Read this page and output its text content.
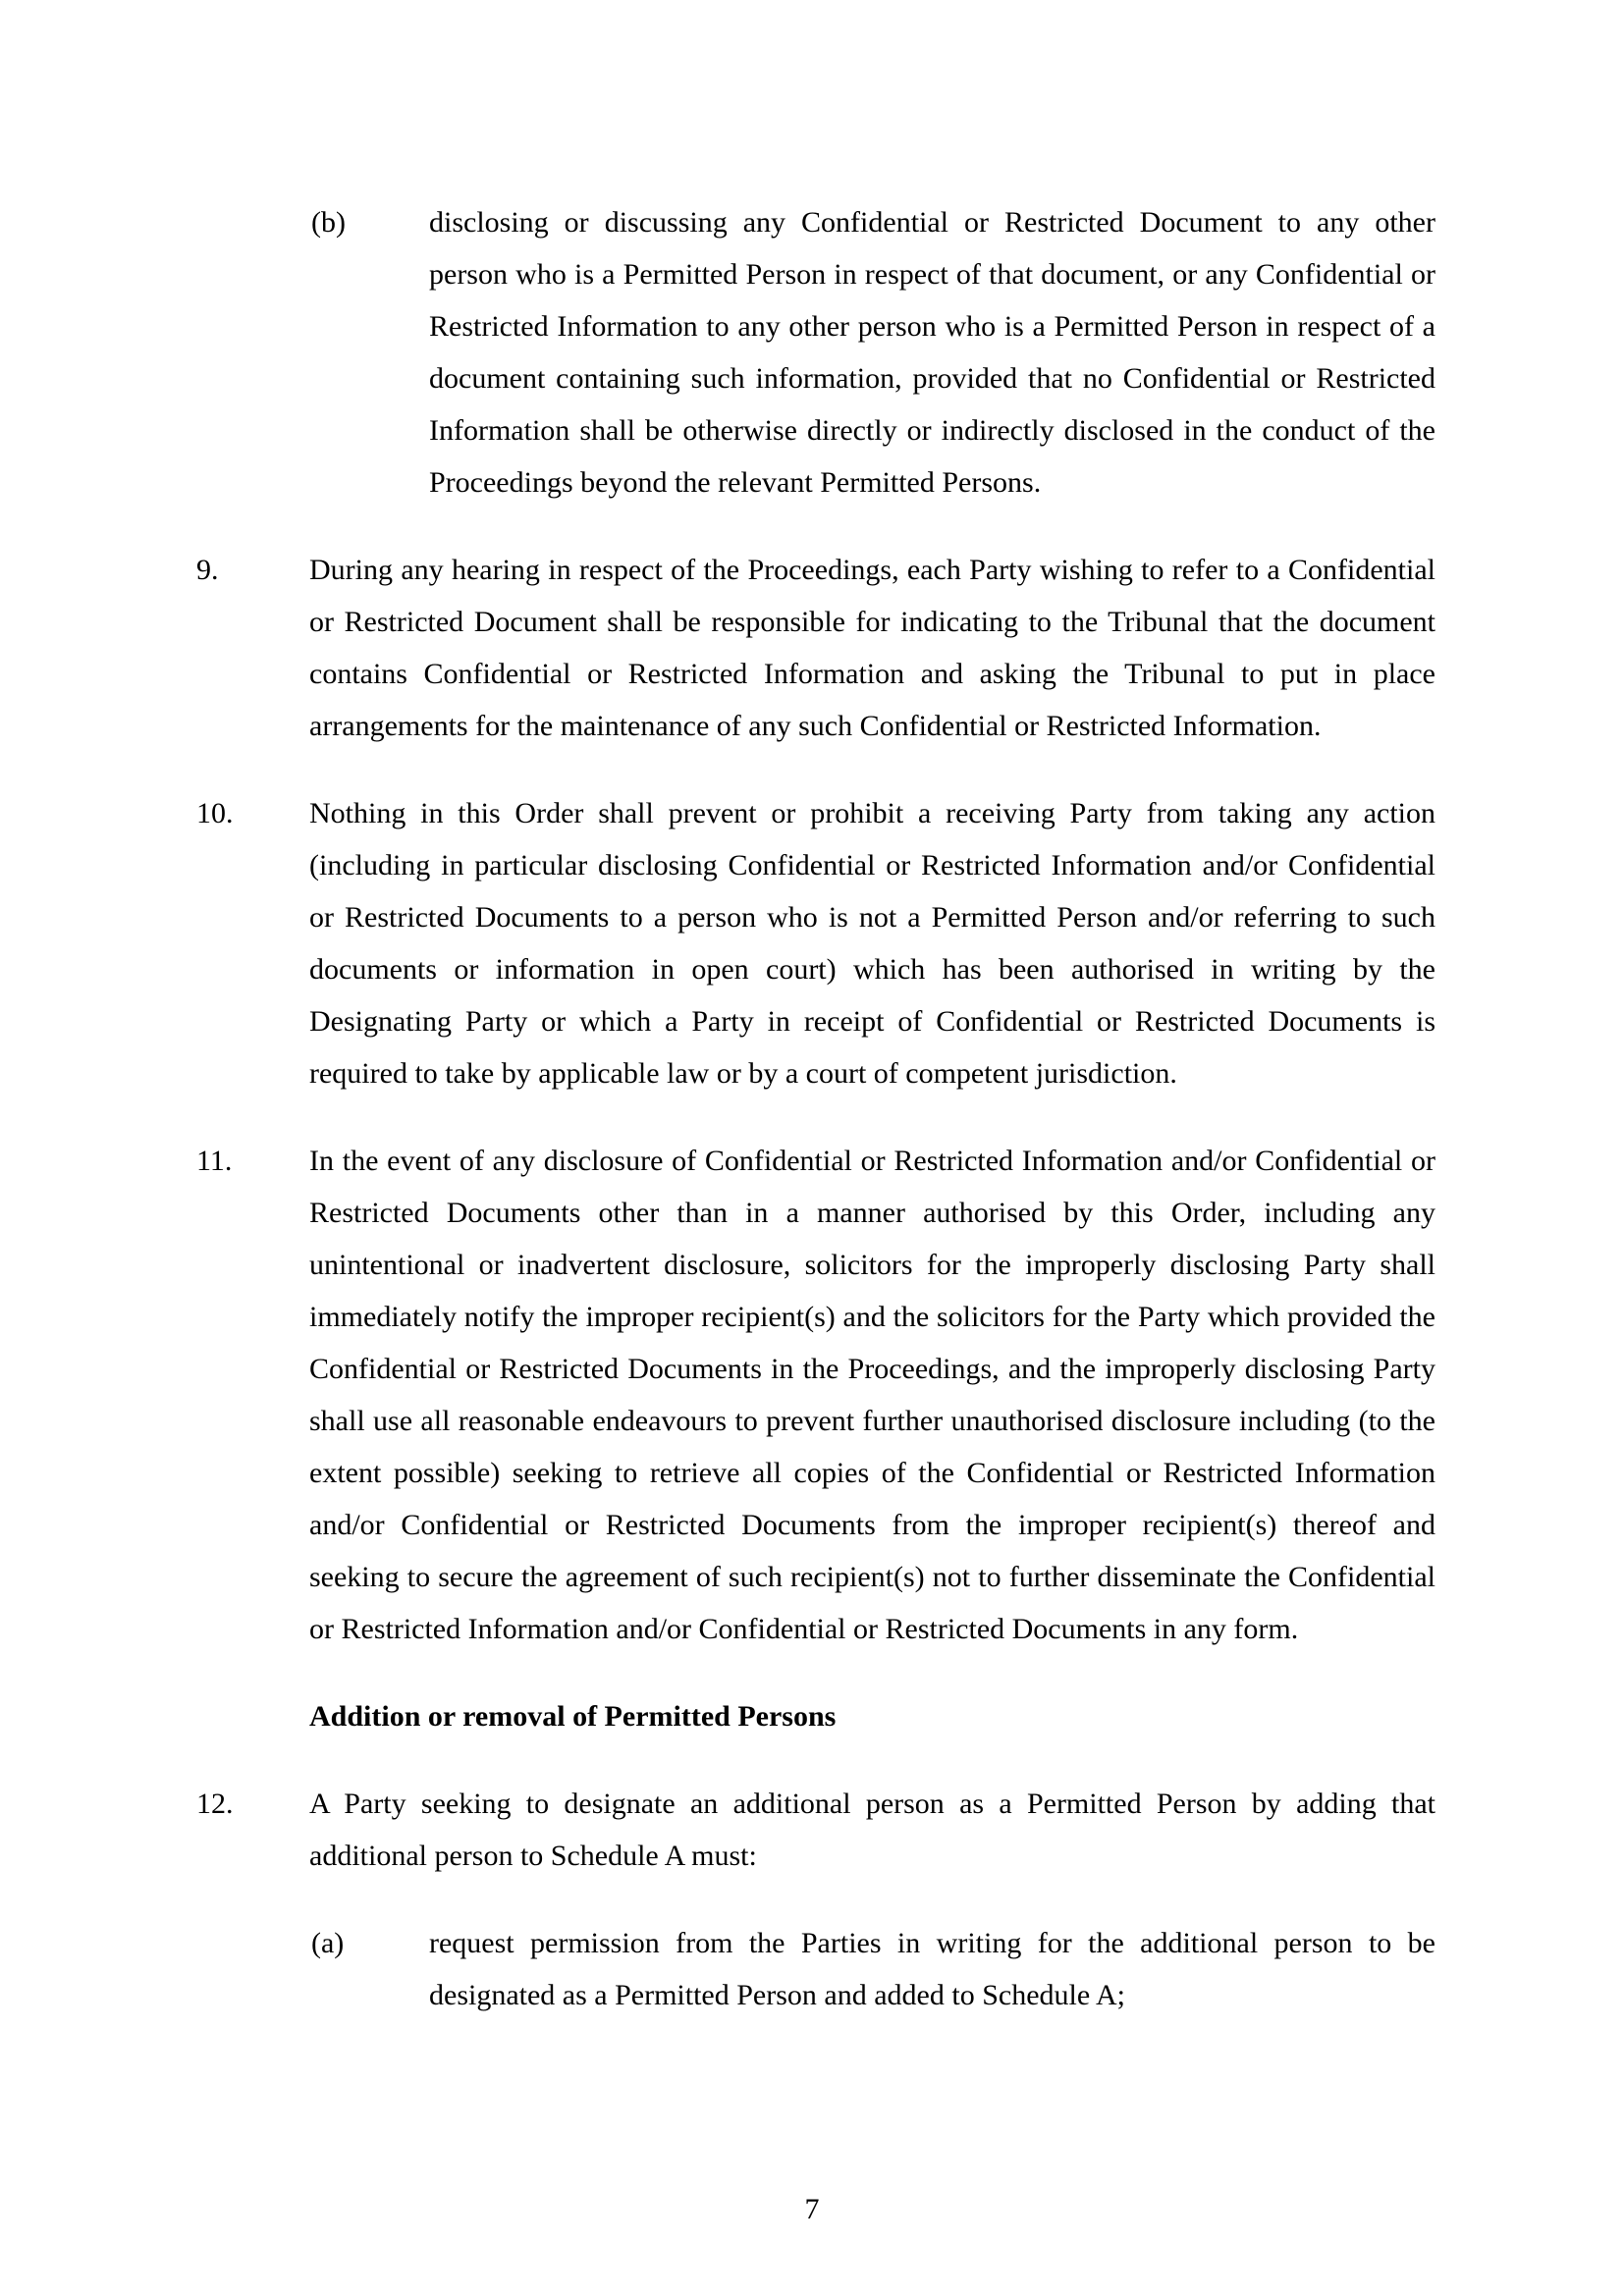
(b)	disclosing or discussing any Confidential or Restricted Document to any other person who is a Permitted Person in respect of that document, or any Confidential or Restricted Information to any other person who is a Permitted Person in respect of a document containing such information, provided that no Confidential or Restricted Information shall be otherwise directly or indirectly disclosed in the conduct of the Proceedings beyond the relevant Permitted Persons.
9.	During any hearing in respect of the Proceedings, each Party wishing to refer to a Confidential or Restricted Document shall be responsible for indicating to the Tribunal that the document contains Confidential or Restricted Information and asking the Tribunal to put in place arrangements for the maintenance of any such Confidential or Restricted Information.
10.	Nothing in this Order shall prevent or prohibit a receiving Party from taking any action (including in particular disclosing Confidential or Restricted Information and/or Confidential or Restricted Documents to a person who is not a Permitted Person and/or referring to such documents or information in open court) which has been authorised in writing by the Designating Party or which a Party in receipt of Confidential or Restricted Documents is required to take by applicable law or by a court of competent jurisdiction.
11.	In the event of any disclosure of Confidential or Restricted Information and/or Confidential or Restricted Documents other than in a manner authorised by this Order, including any unintentional or inadvertent disclosure, solicitors for the improperly disclosing Party shall immediately notify the improper recipient(s) and the solicitors for the Party which provided the Confidential or Restricted Documents in the Proceedings, and the improperly disclosing Party shall use all reasonable endeavours to prevent further unauthorised disclosure including (to the extent possible) seeking to retrieve all copies of the Confidential or Restricted Information and/or Confidential or Restricted Documents from the improper recipient(s) thereof and seeking to secure the agreement of such recipient(s) not to further disseminate the Confidential or Restricted Information and/or Confidential or Restricted Documents in any form.
Addition or removal of Permitted Persons
12.	A Party seeking to designate an additional person as a Permitted Person by adding that additional person to Schedule A must:
(a)	request permission from the Parties in writing for the additional person to be designated as a Permitted Person and added to Schedule A;
7
